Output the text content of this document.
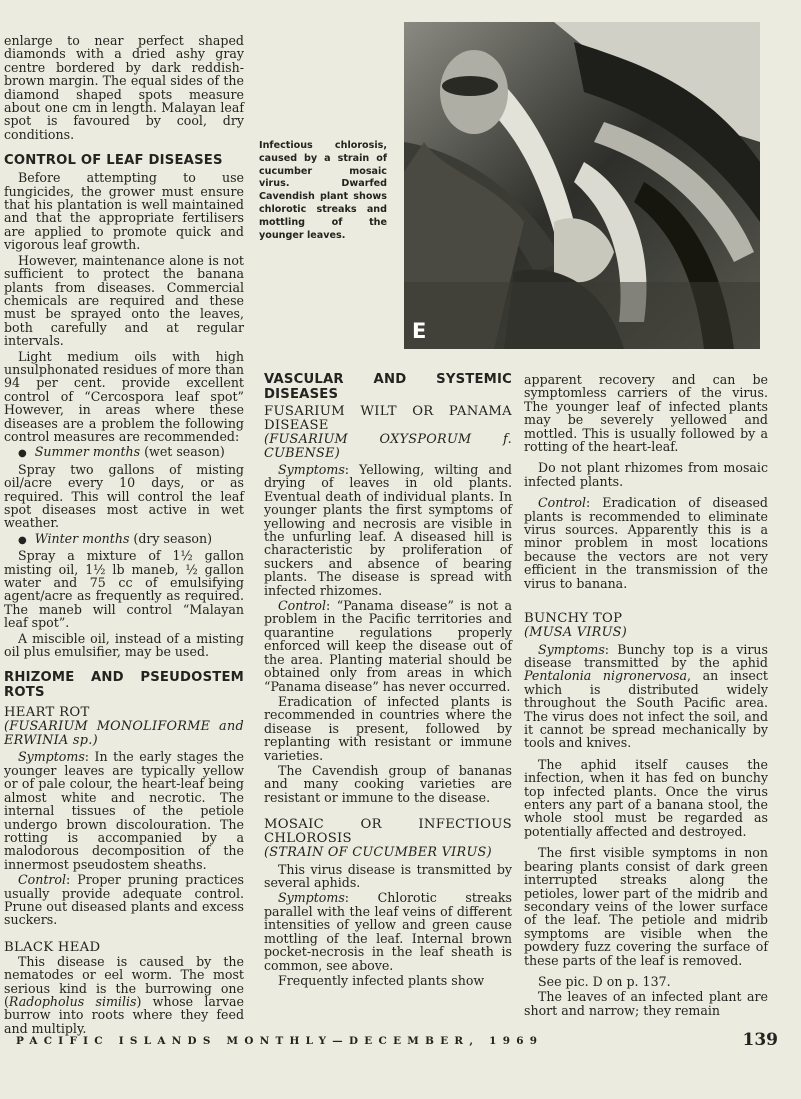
enlarge to near perfect shaped diamonds with a dried ashy gray centre bordered by dark reddish-brown margin. The equal sides of the diamond shaped spots measure about one cm in length. Malayan leaf spot is favoured by cool, dry conditions.

CONTROL OF LEAF DISEASES

Before attempting to use fungicides, the grower must ensure that his plantation is well maintained and that the appropriate fertilisers are applied to promote quick and vigorous leaf growth.

However, maintenance alone is not sufficient to protect the banana plants from diseases. Commercial chemicals are required and these must be sprayed onto the leaves, both carefully and at regular intervals.

Light medium oils with high unsulphonated residues of more than 94 per cent. provide excellent control of “Cercospora leaf spot” However, in areas where these diseases are a problem the following control measures are recommended:

● Summer months (wet season)

Spray two gallons of misting oil/acre every 10 days, or as required. This will control the leaf spot diseases most active in wet weather.

● Winter months (dry season)

Spray a mixture of 1½ gallon misting oil, 1½ lb maneb, ½ gallon water and 75 cc of emulsifying agent/acre as frequently as required. The maneb will control “Malayan leaf spot”.

A miscible oil, instead of a misting oil plus emulsifier, may be used.

RHIZOME AND PSEUDOSTEM ROTS
HEART ROT
(FUSARIUM MONOLIFORME and ERWINIA sp.)

Symptoms: In the early stages the younger leaves are typically yellow or of pale colour, the heart-leaf being almost white and necrotic. The internal tissues of the petiole undergo brown discolouration. The rotting is accompanied by a malodorous decomposition of the innermost pseudostem sheaths.

Control: Proper pruning practices usually provide adequate control. Prune out diseased plants and excess suckers.

BLACK HEAD

This disease is caused by the nematodes or eel worm. The most serious kind is the burrowing one (Radopholus similis) whose larvae burrow into roots where they feed and multiply.

Infectious chlorosis, caused by a strain of cucumber mosaic virus. Dwarfed Cavendish plant shows chlorotic streaks and mottling of the younger leaves.
E
VASCULAR AND SYSTEMIC DISEASES
FUSARIUM WILT OR PANAMA DISEASE
(FUSARIUM OXYSPORUM f. CUBENSE)

Symptoms: Yellowing, wilting and drying of leaves in old plants. Eventual death of individual plants. In younger plants the first symptoms of yellowing and necrosis are visible in the unfurling leaf. A diseased hill is characteristic by proliferation of suckers and absence of bearing plants. The disease is spread with infected rhizomes.

Control: “Panama disease” is not a problem in the Pacific territories and quarantine regulations properly enforced will keep the disease out of the area. Planting material should be obtained only from areas in which “Panama disease” has never occurred.

Eradication of infected plants is recommended in countries where the disease is present, followed by replanting with resistant or immune varieties.

The Cavendish group of bananas and many cooking varieties are resistant or immune to the disease.

MOSAIC OR INFECTIOUS CHLOROSIS
(STRAIN OF CUCUMBER VIRUS)

This virus disease is transmitted by several aphids.

Symptoms: Chlorotic streaks parallel with the leaf veins of different intensities of yellow and green cause mottling of the leaf. Internal brown pocket-necrosis in the leaf sheath is common, see above.

Frequently infected plants show

apparent recovery and can be symptomless carriers of the virus. The younger leaf of infected plants may be severely yellowed and mottled. This is usually followed by a rotting of the heart-leaf.

Do not plant rhizomes from mosaic infected plants.

Control: Eradication of diseased plants is recommended to eliminate virus sources. Apparently this is a minor problem in most locations because the vectors are not very efficient in the transmission of the virus to banana.

BUNCHY TOP
(MUSA VIRUS)

Symptoms: Bunchy top is a virus disease transmitted by the aphid Pentalonia nigronervosa, an insect which is distributed widely throughout the South Pacific area. The virus does not infect the soil, and it cannot be spread mechanically by tools and knives.

The aphid itself causes the infection, when it has fed on bunchy top infected plants. Once the virus enters any part of a banana stool, the whole stool must be regarded as potentially affected and destroyed.

The first visible symptoms in non bearing plants consist of dark green interrupted streaks along the petioles, lower part of the midrib and secondary veins of the lower surface of the leaf. The petiole and midrib symptoms are visible when the powdery fuzz covering the surface of these parts of the leaf is removed.

See pic. D on p. 137.

The leaves of an infected plant are short and narrow; they remain

PACIFIC ISLANDS MONTHLY—DECEMBER, 1969	139
